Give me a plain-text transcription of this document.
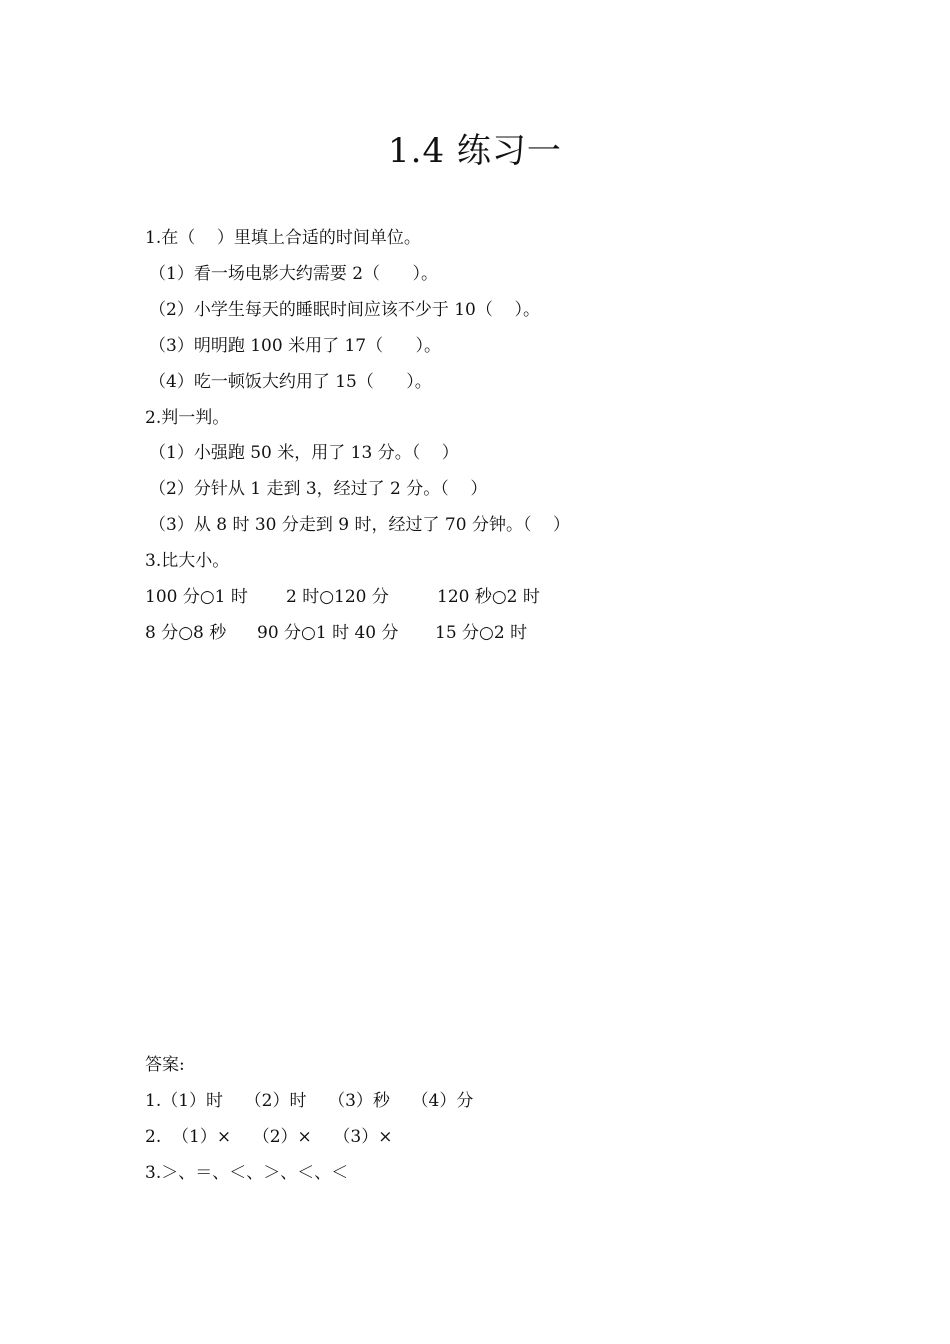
1.4 练习一
1.在（    ）里填上合适的时间单位。
（1）看一场电影大约需要 2（      ）。
（2）小学生每天的睡眠时间应该不少于 10（    ）。
（3）明明跑 100 米用了 17（      ）。
（4）吃一顿饭大约用了 15（      ）。
2.判一判。
（1）小强跑 50 米，用了 13 分。（    ）
（2）分针从 1 走到 3，经过了 2 分。（    ）
（3）从 8 时 30 分走到 9 时，经过了 70 分钟。（    ）
3.比大小。
100 分○1 时 2 时○120 分	120 秒○2 时
8 分○8 秒 90 分○1 时 40 分 15 分○2 时
答案:
1.（1）时    （2）时    （3）秒    （4）分
2.  （1）×    （2）×    （3）×
3.＞、＝、＜、＞、＜、＜
